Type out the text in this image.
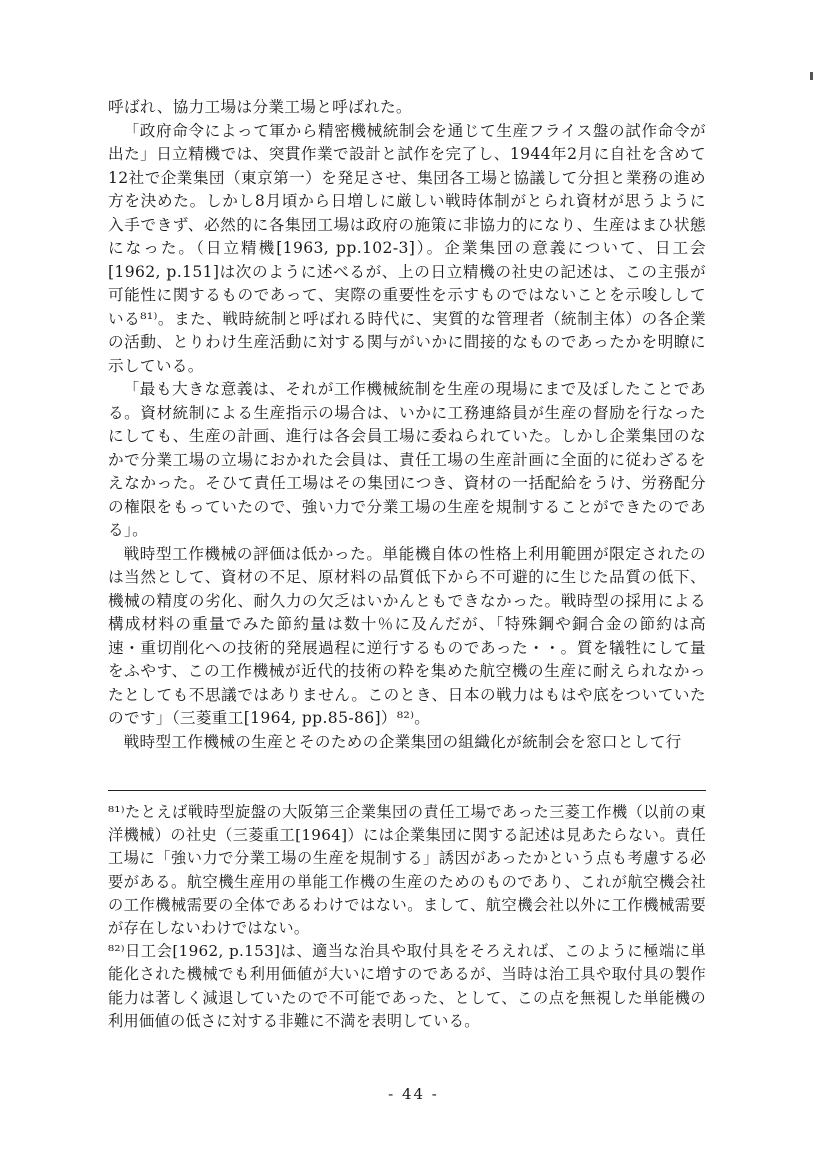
呼ばれ、協力工場は分業工場と呼ばれた。

「政府命令によって軍から精密機械統制会を通じて生産フライス盤の試作命令が出た」日立精機では、突貫作業で設計と試作を完了し、1944年2月に自社を含めて12社で企業集団（東京第一）を発足させ、集団各工場と協議して分担と業務の進め方を決めた。しかし8月頃から日増しに厳しい戦時体制がとられ資材が思うように入手できず、必然的に各集団工場は政府の施策に非協力的になり、生産はまひ状態になった。（日立精機[1963, pp.102-3]）。企業集団の意義について、日工会[1962, p.151]は次のように述べるが、上の日立精機の社史の記述は、この主張が可能性に関するものであって、実際の重要性を示すものではないことを示唆ししている⁸¹⁾。また、戦時統制と呼ばれる時代に、実質的な管理者（統制主体）の各企業の活動、とりわけ生産活動に対する関与がいかに間接的なものであったかを明瞭に示している。

「最も大きな意義は、それが工作機械統制を生産の現場にまで及ぼしたことである。資材統制による生産指示の場合は、いかに工務連絡員が生産の督励を行なったにしても、生産の計画、進行は各会員工場に委ねられていた。しかし企業集団のなかで分業工場の立場におかれた会員は、責任工場の生産計画に全面的に従わざるをえなかった。そひて責任工場はその集団につき、資材の一括配給をうけ、労務配分の権限をもっていたので、強い力で分業工場の生産を規制することができたのである」。

戦時型工作機械の評価は低かった。単能機自体の性格上利用範囲が限定されたのは当然として、資材の不足、原材料の品質低下から不可避的に生じた品質の低下、機械の精度の劣化、耐久力の欠乏はいかんともできなかった。戦時型の採用による構成材料の重量でみた節約量は数十％に及んだが、「特殊鋼や銅合金の節約は高速・重切削化への技術的発展過程に逆行するものであった・・。質を犠牲にして量をふやす、この工作機械が近代的技術の粋を集めた航空機の生産に耐えられなかったとしても不思議ではありません。このとき、日本の戦力はもはや底をついていたのです」（三菱重工[1964, pp.85-86]）⁸²⁾。

戦時型工作機械の生産とそのための企業集団の組織化が統制会を窓口として行

⁸¹⁾たとえば戦時型旋盤の大阪第三企業集団の責任工場であった三菱工作機（以前の東洋機械）の社史（三菱重工[1964]）には企業集団に関する記述は見あたらない。責任工場に「強い力で分業工場の生産を規制する」誘因があったかという点も考慮する必要がある。航空機生産用の単能工作機の生産のためのものであり、これが航空機会社の工作機械需要の全体であるわけではない。まして、航空機会社以外に工作機械需要が存在しないわけではない。

⁸²⁾日工会[1962, p.153]は、適当な治具や取付具をそろえれば、このように極端に単能化された機械でも利用価値が大いに増すのであるが、当時は治工具や取付具の製作能力は著しく減退していたので不可能であった、として、この点を無視した単能機の利用価値の低さに対する非難に不満を表明している。

- 44 -
